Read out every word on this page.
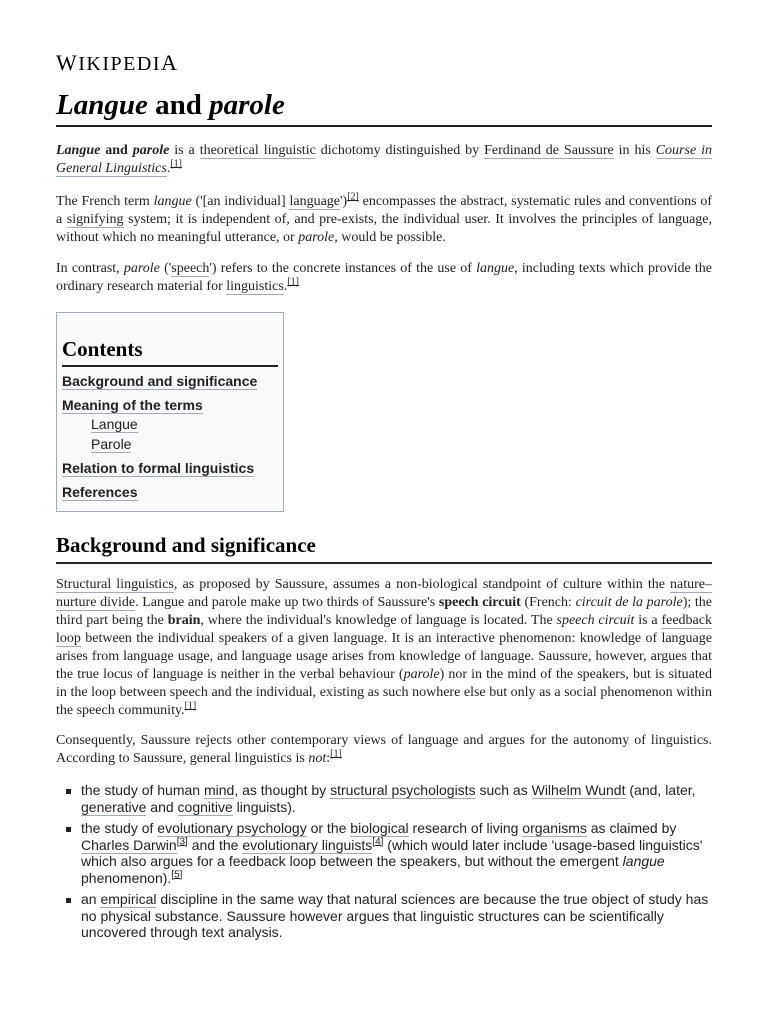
WIKIPEDIA
Langue and parole

Langue and parole is a theoretical linguistic dichotomy distinguished by Ferdinand de Saussure in his Course in General Linguistics.[1]

The French term langue ('[an individual] language')[2] encompasses the abstract, systematic rules and conventions of a signifying system; it is independent of, and pre-exists, the individual user. It involves the principles of language, without which no meaningful utterance, or parole, would be possible.

In contrast, parole ('speech') refers to the concrete instances of the use of langue, including texts which provide the ordinary research material for linguistics.[1]

Contents
Background and significance
Meaning of the terms
Langue
Parole
Relation to formal linguistics
References
Background and significance

Structural linguistics, as proposed by Saussure, assumes a non-biological standpoint of culture within the nature–nurture divide. Langue and parole make up two thirds of Saussure's speech circuit (French: circuit de la parole); the third part being the brain, where the individual's knowledge of language is located. The speech circuit is a feedback loop between the individual speakers of a given language. It is an interactive phenomenon: knowledge of language arises from language usage, and language usage arises from knowledge of language. Saussure, however, argues that the true locus of language is neither in the verbal behaviour (parole) nor in the mind of the speakers, but is situated in the loop between speech and the individual, existing as such nowhere else but only as a social phenomenon within the speech community.[1]

Consequently, Saussure rejects other contemporary views of language and argues for the autonomy of linguistics. According to Saussure, general linguistics is not:[1]

the study of human mind, as thought by structural psychologists such as Wilhelm Wundt (and, later, generative and cognitive linguists).
the study of evolutionary psychology or the biological research of living organisms as claimed by Charles Darwin[3] and the evolutionary linguists[4] (which would later include 'usage-based linguistics' which also argues for a feedback loop between the speakers, but without the emergent langue phenomenon).[5]
an empirical discipline in the same way that natural sciences are because the true object of study has no physical substance. Saussure however argues that linguistic structures can be scientifically uncovered through text analysis.
